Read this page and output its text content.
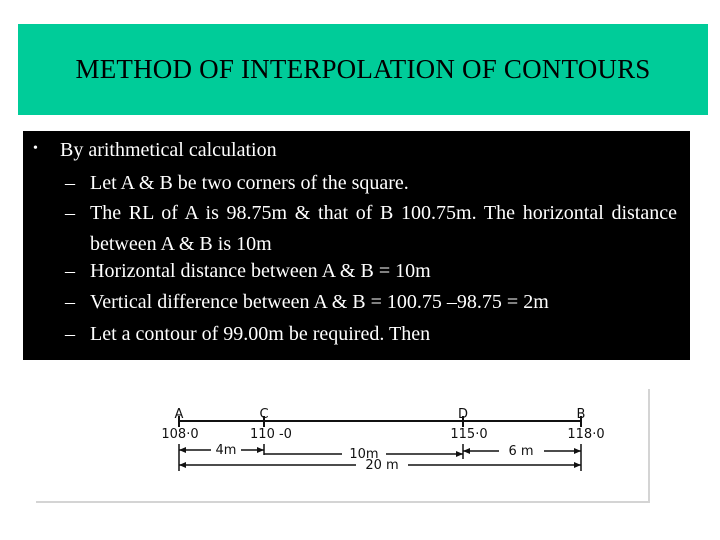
METHOD OF INTERPOLATION OF CONTOURS
•	By arithmetical calculation
– Let A & B be two corners of the square.
– The RL of A is 98.75m & that of B 100.75m. The horizontal distance between A & B is 10m
– Horizontal distance between A & B = 10m
– Vertical difference between A & B = 100.75 –98.75 = 2m
– Let a contour of 99.00m be required. Then
A	C	D	B
108·0	110 -0	115·0	118·0
4m	10m	6 m
20 m
